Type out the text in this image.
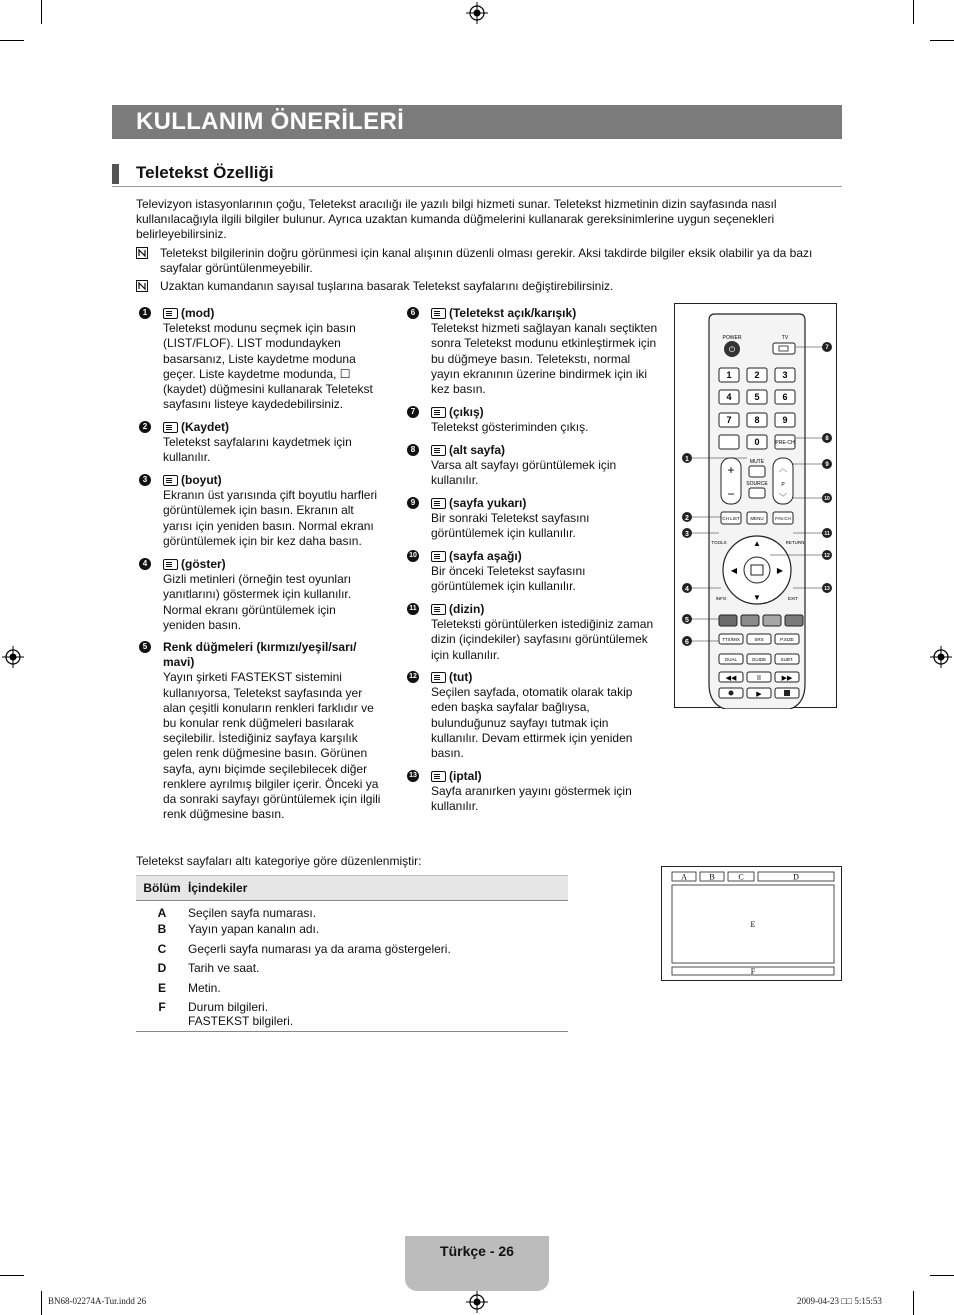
KULLANIM ÖNERİLERİ
Teletekst Özelliği

Televizyon istasyonlarının çoğu, Teletekst aracılığı ile yazılı bilgi hizmeti sunar. Teletekst hizmetinin dizin sayfasında nasıl kullanılacağıyla ilgili bilgiler bulunur. Ayrıca uzaktan kumanda düğmelerini kullanarak gereksinimlerine uygun seçenekleri belirleyebilirsiniz.

Teletekst bilgilerinin doğru görünmesi için kanal alışının düzenli olması gerekir. Aksi takdirde bilgiler eksik olabilir ya da bazı sayfalar görüntülenmeyebilir.

Uzaktan kumandanın sayısal tuşlarına basarak Teletekst sayfalarını değiştirebilirsiniz.

1	(mod)
Teletekst modunu seçmek için basın (LIST/FLOF). LIST modundayken basarsanız, Liste kaydetme moduna geçer. Liste kaydetme modunda, ☐ (kaydet) düğmesini kullanarak Teletekst sayfasını listeye kaydedebilirsiniz.
2	(Kaydet)
Teletekst sayfalarını kaydetmek için kullanılır.
3	(boyut)
Ekranın üst yarısında çift boyutlu harfleri görüntülemek için basın. Ekranın alt yarısı için yeniden basın. Normal ekranı görüntülemek için bir kez daha basın.
4	(göster)
Gizli metinleri (örneğin test oyunları yanıtlarını) göstermek için kullanılır. Normal ekranı görüntülemek için yeniden basın.
5	Renk düğmeleri (kırmızı/yeşil/sarı/ mavi)
Yayın şirketi FASTEKST sistemini kullanıyorsa, Teletekst sayfasında yer alan çeşitli konuların renkleri farklıdır ve bu konular renk düğmeleri basılarak seçilebilir. İstediğiniz sayfaya karşılık gelen renk düğmesine basın. Görünen sayfa, aynı biçimde seçilebilecek diğer renklere ayrılmış bilgiler içerir. Önceki ya da sonraki sayfayı görüntülemek için ilgili renk düğmesine basın.
6	(Teletekst açık/karışık)
Teletekst hizmeti sağlayan kanalı seçtikten sonra Teletekst modunu etkinleştirmek için bu düğmeye basın. Teletekstı, normal yayın ekranının üzerine bindirmek için iki kez basın.
7	(çıkış)
Teletekst gösteriminden çıkış.
8	(alt sayfa)
Varsa alt sayfayı görüntülemek için kullanılır.
9	(sayfa yukarı)
Bir sonraki Teletekst sayfasını görüntülemek için kullanılır.
10	(sayfa aşağı)
Bir önceki Teletekst sayfasını görüntülemek için kullanılır.
11	(dizin)
Teleteksti görüntülerken istediğiniz zaman dizin (içindekiler) sayfasını görüntülemek için kullanılır.
12	(tut)
Seçilen sayfada, otomatik olarak takip eden başka sayfalar bağlıysa, bulunduğunuz sayfayı tutmak için kullanılır. Devam ettirmek için yeniden basın.
13	(iptal)
Sayfa aranırken yayını göstermek için kullanılır.
POWER
⏻
TV
1	2	3
4	5	6
7	8	9
0	PRE-CH
+
−
︿
P
﹀
MUTE
SOURCE
CH LIST MENU	FAV.CH
▲
▼
◀	▶
TOOLS	RETURN
INFO	EXIT
TTX/MIX	SRS	P.SIZE
DUAL	GUIDE	SUBT.
◀◀	II	▶▶
▶
1
2
3
4
5
6
7
8
9
10
11
12
13
Teletekst sayfaları altı kategoriye göre düzenlenmiştir:
Bölüm	İçindekiler
A	Seçilen sayfa numarası.
B	Yayın yapan kanalın adı.
C	Geçerli sayfa numarası ya da arama göstergeleri.
D	Tarih ve saat.
E	Metin.
F	Durum bilgileri.
FASTEKST bilgileri.
A	B	C	D
E
F
Türkçe - 26
BN68-02274A-Tur.indd 26	2009-04-23 □□ 5:15:53
